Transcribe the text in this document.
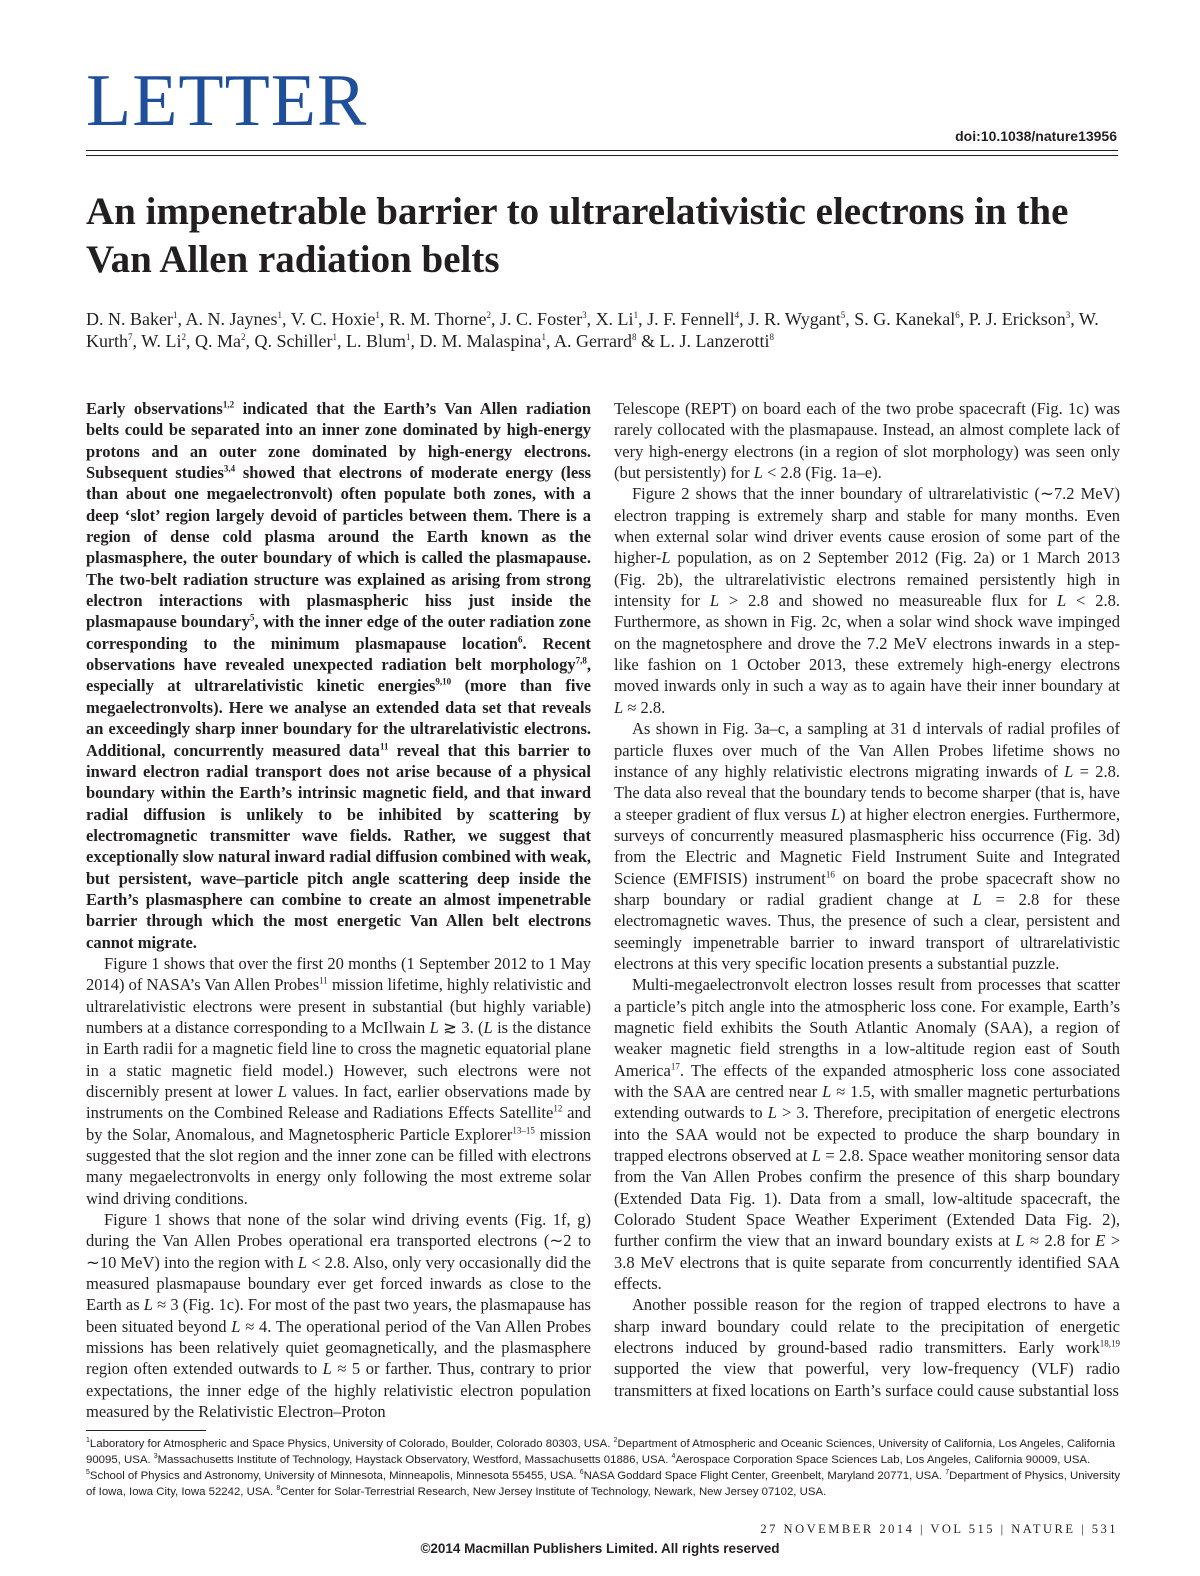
LETTER	doi:10.1038/nature13956
An impenetrable barrier to ultrarelativistic electrons in the Van Allen radiation belts

D. N. Baker$^1$, A. N. Jaynes$^1$, V. C. Hoxie$^1$, R. M. Thorne$^2$, J. C. Foster$^3$, X. Li$^1$, J. F. Fennell$^4$, J. R. Wygant$^5$, S. G. Kanekal$^6$, P. J. Erickson$^3$, W. Kurth$^7$, W. Li$^2$, Q. Ma$^2$, Q. Schiller$^1$, L. Blum$^1$, D. M. Malaspina$^1$, A. Gerrard$^8$ & L. J. Lanzerotti$^8$

Early observations$^{1,2}$ indicated that the Earth’s Van Allen radiation belts could be separated into an inner zone dominated by high-energy protons and an outer zone dominated by high-energy electrons. Subsequent studies$^{3,4}$ showed that electrons of moderate energy (less than about one megaelectronvolt) often populate both zones, with a deep ‘slot’ region largely devoid of particles between them. There is a region of dense cold plasma around the Earth known as the plasmasphere, the outer boundary of which is called the plasmapause. The two-belt radiation structure was explained as arising from strong electron interactions with plasmaspheric hiss just inside the plasmapause boundary$^5$, with the inner edge of the outer radiation zone corresponding to the minimum plasmapause location$^6$. Recent observations have revealed unexpected radiation belt morphology$^{7,8}$, especially at ultrarelativistic kinetic energies$^{9,10}$ (more than five megaelectronvolts). Here we analyse an extended data set that reveals an exceedingly sharp inner boundary for the ultrarelativistic electrons. Additional, concurrently measured data$^{11}$ reveal that this barrier to inward electron radial transport does not arise because of a physical boundary within the Earth’s intrinsic magnetic field, and that inward radial diffusion is unlikely to be inhibited by scattering by electromagnetic transmitter wave fields. Rather, we suggest that exceptionally slow natural inward radial diffusion combined with weak, but persistent, wave–particle pitch angle scattering deep inside the Earth’s plasmasphere can combine to create an almost impenetrable barrier through which the most energetic Van Allen belt electrons cannot migrate.

Figure 1 shows that over the first 20 months (1 September 2012 to 1 May 2014) of NASA’s Van Allen Probes$^{11}$ mission lifetime, highly relativistic and ultrarelativistic electrons were present in substantial (but highly variable) numbers at a distance corresponding to a McIlwain L ≳ 3. (L is the distance in Earth radii for a magnetic field line to cross the magnetic equatorial plane in a static magnetic field model.) However, such electrons were not discernibly present at lower L values. In fact, earlier observations made by instruments on the Combined Release and Radiations Effects Satellite$^{12}$ and by the Solar, Anomalous, and Magnetospheric Particle Explorer$^{13-15}$ mission suggested that the slot region and the inner zone can be filled with electrons many megaelectronvolts in energy only following the most extreme solar wind driving conditions.

Figure 1 shows that none of the solar wind driving events (Fig. 1f, g) during the Van Allen Probes operational era transported electrons (∼2 to ∼10 MeV) into the region with L < 2.8. Also, only very occasionally did the measured plasmapause boundary ever get forced inwards as close to the Earth as L ≈ 3 (Fig. 1c). For most of the past two years, the plasmapause has been situated beyond L ≈ 4. The operational period of the Van Allen Probes missions has been relatively quiet geomagnetically, and the plasmasphere region often extended outwards to L ≈ 5 or farther. Thus, contrary to prior expectations, the inner edge of the highly relativistic electron population measured by the Relativistic Electron–Proton

Telescope (REPT) on board each of the two probe spacecraft (Fig. 1c) was rarely collocated with the plasmapause. Instead, an almost complete lack of very high-energy electrons (in a region of slot morphology) was seen only (but persistently) for L < 2.8 (Fig. 1a–e).

Figure 2 shows that the inner boundary of ultrarelativistic (∼7.2 MeV) electron trapping is extremely sharp and stable for many months. Even when external solar wind driver events cause erosion of some part of the higher-L population, as on 2 September 2012 (Fig. 2a) or 1 March 2013 (Fig. 2b), the ultrarelativistic electrons remained persistently high in intensity for L > 2.8 and showed no measureable flux for L < 2.8. Furthermore, as shown in Fig. 2c, when a solar wind shock wave impinged on the magnetosphere and drove the 7.2 MeV electrons inwards in a step-like fashion on 1 October 2013, these extremely high-energy electrons moved inwards only in such a way as to again have their inner boundary at L ≈ 2.8.

As shown in Fig. 3a–c, a sampling at 31 d intervals of radial profiles of particle fluxes over much of the Van Allen Probes lifetime shows no instance of any highly relativistic electrons migrating inwards of L = 2.8. The data also reveal that the boundary tends to become sharper (that is, have a steeper gradient of flux versus L) at higher electron energies. Furthermore, surveys of concurrently measured plasmaspheric hiss occurrence (Fig. 3d) from the Electric and Magnetic Field Instrument Suite and Integrated Science (EMFISIS) instrument$^{16}$ on board the probe spacecraft show no sharp boundary or radial gradient change at L = 2.8 for these electromagnetic waves. Thus, the presence of such a clear, persistent and seemingly impenetrable barrier to inward transport of ultrarelativistic electrons at this very specific location presents a substantial puzzle.

Multi-megaelectronvolt electron losses result from processes that scatter a particle’s pitch angle into the atmospheric loss cone. For example, Earth’s magnetic field exhibits the South Atlantic Anomaly (SAA), a region of weaker magnetic field strengths in a low-altitude region east of South America$^{17}$. The effects of the expanded atmospheric loss cone associated with the SAA are centred near L ≈ 1.5, with smaller magnetic perturbations extending outwards to L > 3. Therefore, precipitation of energetic electrons into the SAA would not be expected to produce the sharp boundary in trapped electrons observed at L = 2.8. Space weather monitoring sensor data from the Van Allen Probes confirm the presence of this sharp boundary (Extended Data Fig. 1). Data from a small, low-altitude spacecraft, the Colorado Student Space Weather Experiment (Extended Data Fig. 2), further confirm the view that an inward boundary exists at L ≈ 2.8 for E > 3.8 MeV electrons that is quite separate from concurrently identified SAA effects.

Another possible reason for the region of trapped electrons to have a sharp inward boundary could relate to the precipitation of energetic electrons induced by ground-based radio transmitters. Early work$^{18,19}$ supported the view that powerful, very low-frequency (VLF) radio transmitters at fixed locations on Earth’s surface could cause substantial loss

$^1$Laboratory for Atmospheric and Space Physics, University of Colorado, Boulder, Colorado 80303, USA. $^2$Department of Atmospheric and Oceanic Sciences, University of California, Los Angeles, California 90095, USA. $^3$Massachusetts Institute of Technology, Haystack Observatory, Westford, Massachusetts 01886, USA. $^4$Aerospace Corporation Space Sciences Lab, Los Angeles, California 90009, USA. $^5$School of Physics and Astronomy, University of Minnesota, Minneapolis, Minnesota 55455, USA. $^6$NASA Goddard Space Flight Center, Greenbelt, Maryland 20771, USA. $^7$Department of Physics, University of Iowa, Iowa City, Iowa 52242, USA. $^8$Center for Solar-Terrestrial Research, New Jersey Institute of Technology, Newark, New Jersey 07102, USA.

27 NOVEMBER 2014 | VOL 515 | NATURE | 531
©2014 Macmillan Publishers Limited. All rights reserved
